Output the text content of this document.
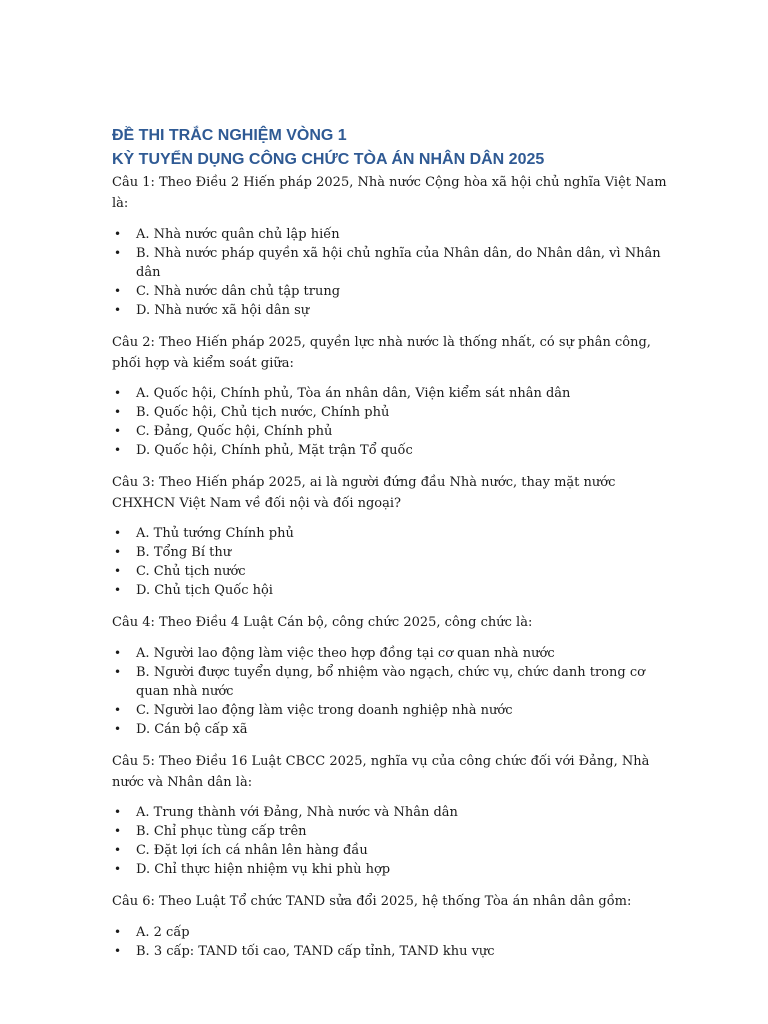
ĐỀ THI TRẮC NGHIỆM VÒNG 1
KỲ TUYỂN DỤNG CÔNG CHỨC TÒA ÁN NHÂN DÂN 2025

Câu 1: Theo Điều 2 Hiến pháp 2025, Nhà nước Cộng hòa xã hội chủ nghĩa Việt Nam là:

• A. Nhà nước quân chủ lập hiến
• B. Nhà nước pháp quyền xã hội chủ nghĩa của Nhân dân, do Nhân dân, vì Nhân dân
• C. Nhà nước dân chủ tập trung
• D. Nhà nước xã hội dân sự

Câu 2: Theo Hiến pháp 2025, quyền lực nhà nước là thống nhất, có sự phân công, phối hợp và kiểm soát giữa:

• A. Quốc hội, Chính phủ, Tòa án nhân dân, Viện kiểm sát nhân dân
• B. Quốc hội, Chủ tịch nước, Chính phủ
• C. Đảng, Quốc hội, Chính phủ
• D. Quốc hội, Chính phủ, Mặt trận Tổ quốc

Câu 3: Theo Hiến pháp 2025, ai là người đứng đầu Nhà nước, thay mặt nước CHXHCN Việt Nam về đối nội và đối ngoại?

• A. Thủ tướng Chính phủ
• B. Tổng Bí thư
• C. Chủ tịch nước
• D. Chủ tịch Quốc hội

Câu 4: Theo Điều 4 Luật Cán bộ, công chức 2025, công chức là:

• A. Người lao động làm việc theo hợp đồng tại cơ quan nhà nước
• B. Người được tuyển dụng, bổ nhiệm vào ngạch, chức vụ, chức danh trong cơ quan nhà nước
• C. Người lao động làm việc trong doanh nghiệp nhà nước
• D. Cán bộ cấp xã

Câu 5: Theo Điều 16 Luật CBCC 2025, nghĩa vụ của công chức đối với Đảng, Nhà nước và Nhân dân là:

• A. Trung thành với Đảng, Nhà nước và Nhân dân
• B. Chỉ phục tùng cấp trên
• C. Đặt lợi ích cá nhân lên hàng đầu
• D. Chỉ thực hiện nhiệm vụ khi phù hợp

Câu 6: Theo Luật Tổ chức TAND sửa đổi 2025, hệ thống Tòa án nhân dân gồm:

• A. 2 cấp
• B. 3 cấp: TAND tối cao, TAND cấp tỉnh, TAND khu vực
